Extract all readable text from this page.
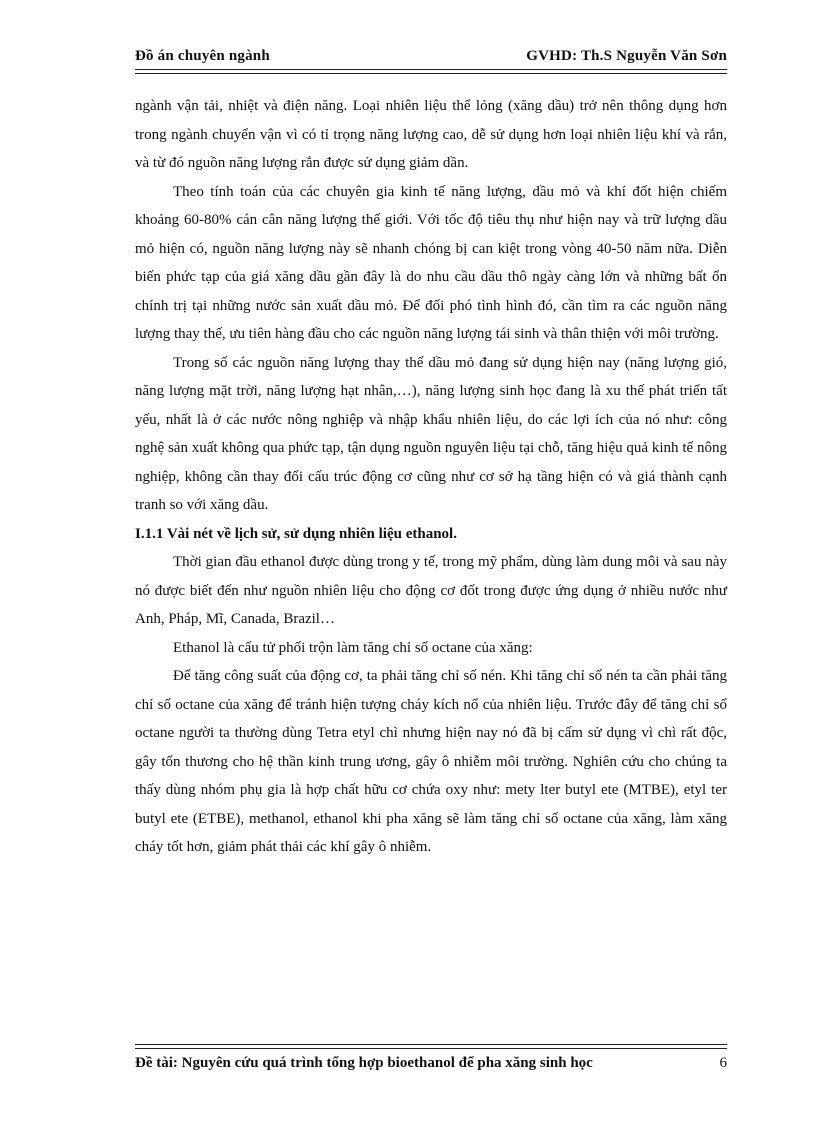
Đồ án chuyên ngành	GVHD: Th.S Nguyễn Văn Sơn

ngành vận tải, nhiệt và điện năng. Loại nhiên liệu thể lỏng (xăng dầu) trở nên thông dụng hơn trong ngành chuyển vận vì có tỉ trọng năng lượng cao, dễ sử dụng hơn loại nhiên liệu khí và rắn, và từ đó nguồn năng lượng rắn được sử dụng giảm dần.

Theo tính toán của các chuyên gia kinh tế năng lượng, dầu mỏ và khí đốt hiện chiếm khoảng 60-80% cán cân năng lượng thế giới. Với tốc độ tiêu thụ như hiện nay và trữ lượng dầu mỏ hiện có, nguồn năng lượng này sẽ nhanh chóng bị can kiệt trong vòng 40-50 năm nữa. Diễn biến phức tạp của giá xăng dầu gần đây là do nhu cầu dầu thô ngày càng lớn và những bất ổn chính trị tại những nước sản xuất dầu mỏ. Để đối phó tình hình đó, cần tìm ra các nguồn năng lượng thay thế, ưu tiên hàng đầu cho các nguồn năng lượng tái sinh và thân thiện với môi trường.

Trong số các nguồn năng lượng thay thế dầu mỏ đang sử dụng hiện nay (năng lượng gió, năng lượng mặt trời, năng lượng hạt nhân,…), năng lượng sinh học đang là xu thế phát triển tất yếu, nhất là ở các nước nông nghiệp và nhập khẩu nhiên liệu, do các lợi ích của nó như: công nghệ sản xuất không qua phức tạp, tận dụng nguồn nguyên liệu tại chỗ, tăng hiệu quả kinh tế nông nghiệp, không cần thay đổi cấu trúc động cơ cũng như cơ sở hạ tầng hiện có và giá thành cạnh tranh so với xăng dầu.

I.1.1 Vài nét về lịch sử, sử dụng nhiên liệu ethanol.

Thời gian đầu ethanol được dùng trong y tế, trong mỹ phẩm, dùng làm dung môi và sau này nó được biết đến như nguồn nhiên liệu cho động cơ đốt trong được ứng dụng ở nhiều nước như Anh, Pháp, Mĩ, Canada, Brazil…

Ethanol là cấu tử phối trộn làm tăng chỉ số octane của xăng:

Để tăng công suất của động cơ, ta phải tăng chỉ số nén. Khi tăng chỉ số nén ta cần phải tăng chỉ số octane của xăng để tránh hiện tượng cháy kích nổ của nhiên liệu. Trước đây để tăng chỉ số octane người ta thường dùng Tetra etyl chì nhưng hiện nay nó đã bị cấm sử dụng vì chì rất độc, gây tổn thương cho hệ thần kinh trung ương, gây ô nhiễm môi trường. Nghiên cứu cho chúng ta thấy dùng nhóm phụ gia là hợp chất hữu cơ chứa oxy như: mety lter butyl ete (MTBE), etyl ter butyl ete (ETBE), methanol, ethanol khi pha xăng sẽ làm tăng chỉ số octane của xăng, làm xăng cháy tốt hơn, giảm phát thải các khí gây ô nhiễm.

Đề tài: Nguyên cứu quá trình tổng hợp bioethanol để pha xăng sinh học	6
